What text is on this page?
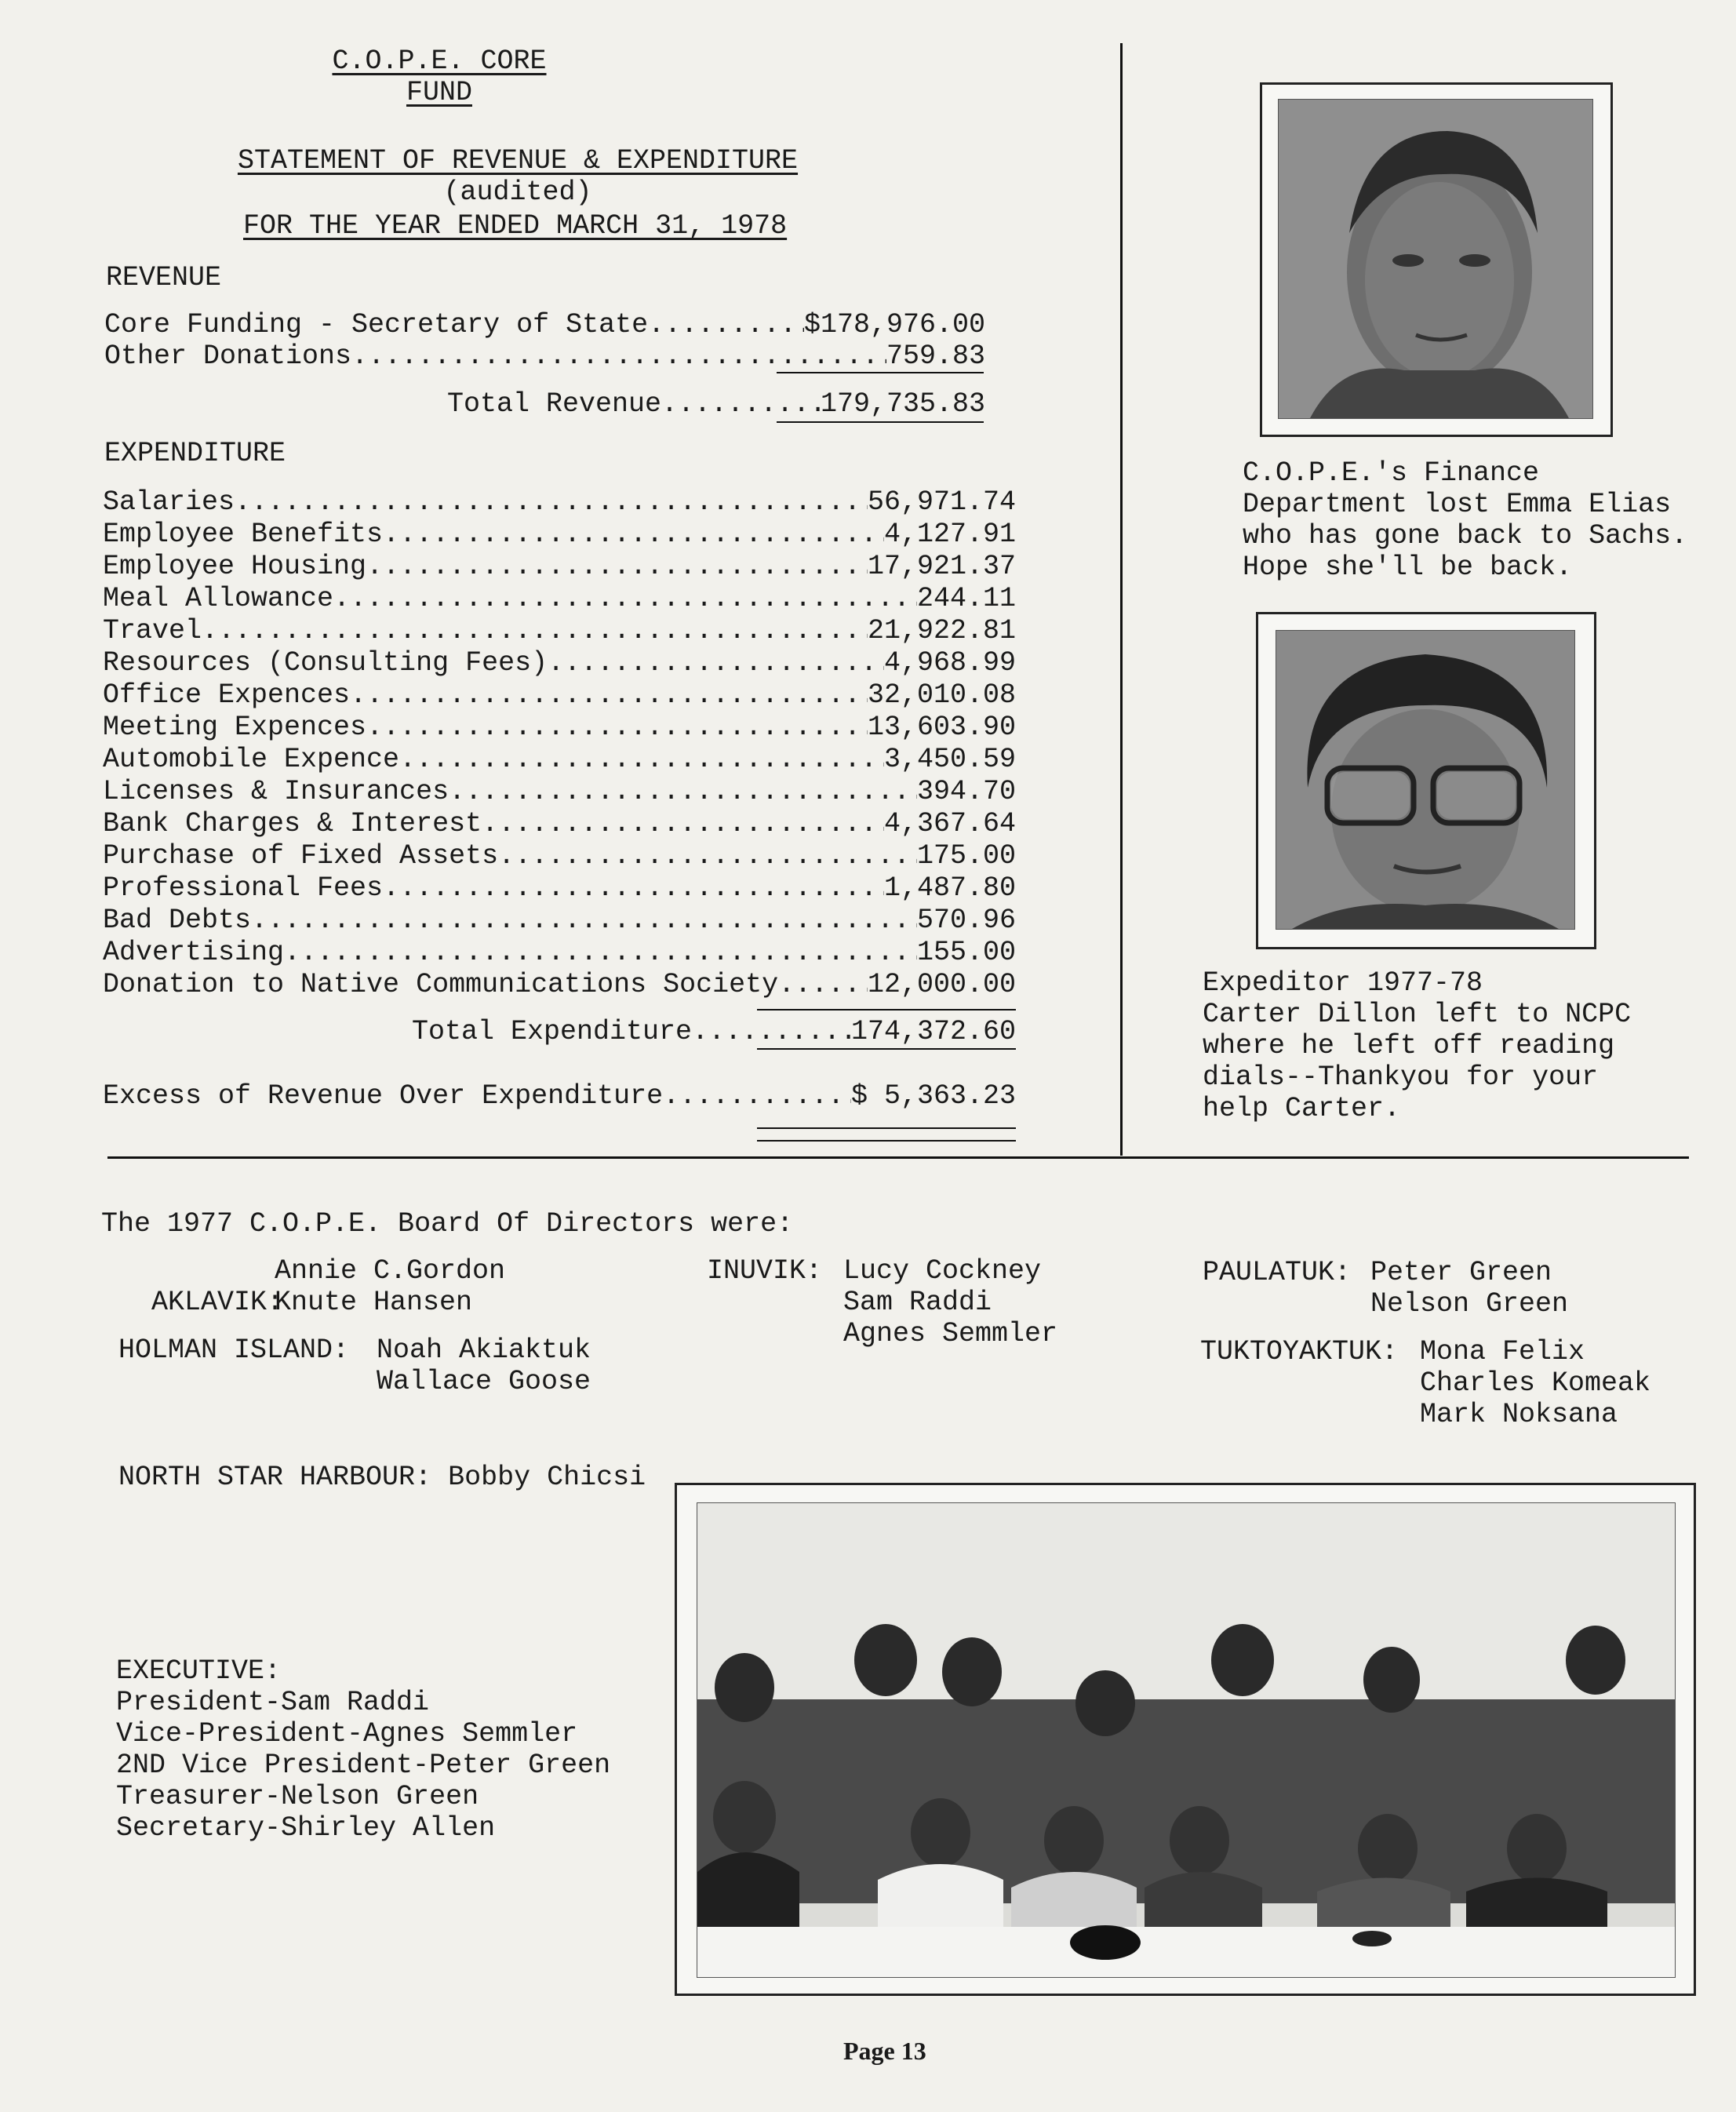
C.O.P.E. CORE
FUND
STATEMENT OF REVENUE & EXPENDITURE
(audited)
FOR THE YEAR ENDED MARCH 31, 1978
REVENUE
Core Funding - Secretary of State .....	$178,976.00
Other Donations .....	759.83
Total Revenue .....	179,735.83
EXPENDITURE
Salaries .....	56,971.74
Employee Benefits .....	4,127.91
Employee Housing .....	17,921.37
Meal Allowance .....	244.11
Travel .....	21,922.81
Resources (Consulting Fees) .....	4,968.99
Office Expences .....	32,010.08
Meeting Expences .....	13,603.90
Automobile Expence .....	3,450.59
Licenses & Insurances .....	394.70
Bank Charges & Interest .....	4,367.64
Purchase of Fixed Assets .....	175.00
Professional Fees .....	1,487.80
Bad Debts .....	570.96
Advertising .....	155.00
Donation to Native Communications Society .....	12,000.00
Total Expenditure .....	174,372.60
Excess of Revenue Over Expenditure .....	$ 5,363.23
C.O.P.E.'s Finance
Department lost Emma Elias
who has gone back to Sachs.
Hope she'll be back.
Expeditor 1977-78
Carter Dillon left to NCPC
where he left off reading
dials--Thankyou for your
help Carter.
The 1977 C.O.P.E. Board Of Directors were:

AKLAVIK:

Annie C.Gordon
Knute Hansen
INUVIK: Lucy Cockney
Sam Raddi
Agnes Semmler
PAULATUK: Peter Green
Nelson Green
HOLMAN ISLAND: Noah Akiaktuk
Wallace Goose
TUKTOYAKTUK: Mona Felix
Charles Komeak
Mark Noksana
NORTH STAR HARBOUR: Bobby Chicsi
EXECUTIVE:
President-Sam Raddi
Vice-President-Agnes Semmler
2ND Vice President-Peter Green
Treasurer-Nelson Green
Secretary-Shirley Allen
Page 13
